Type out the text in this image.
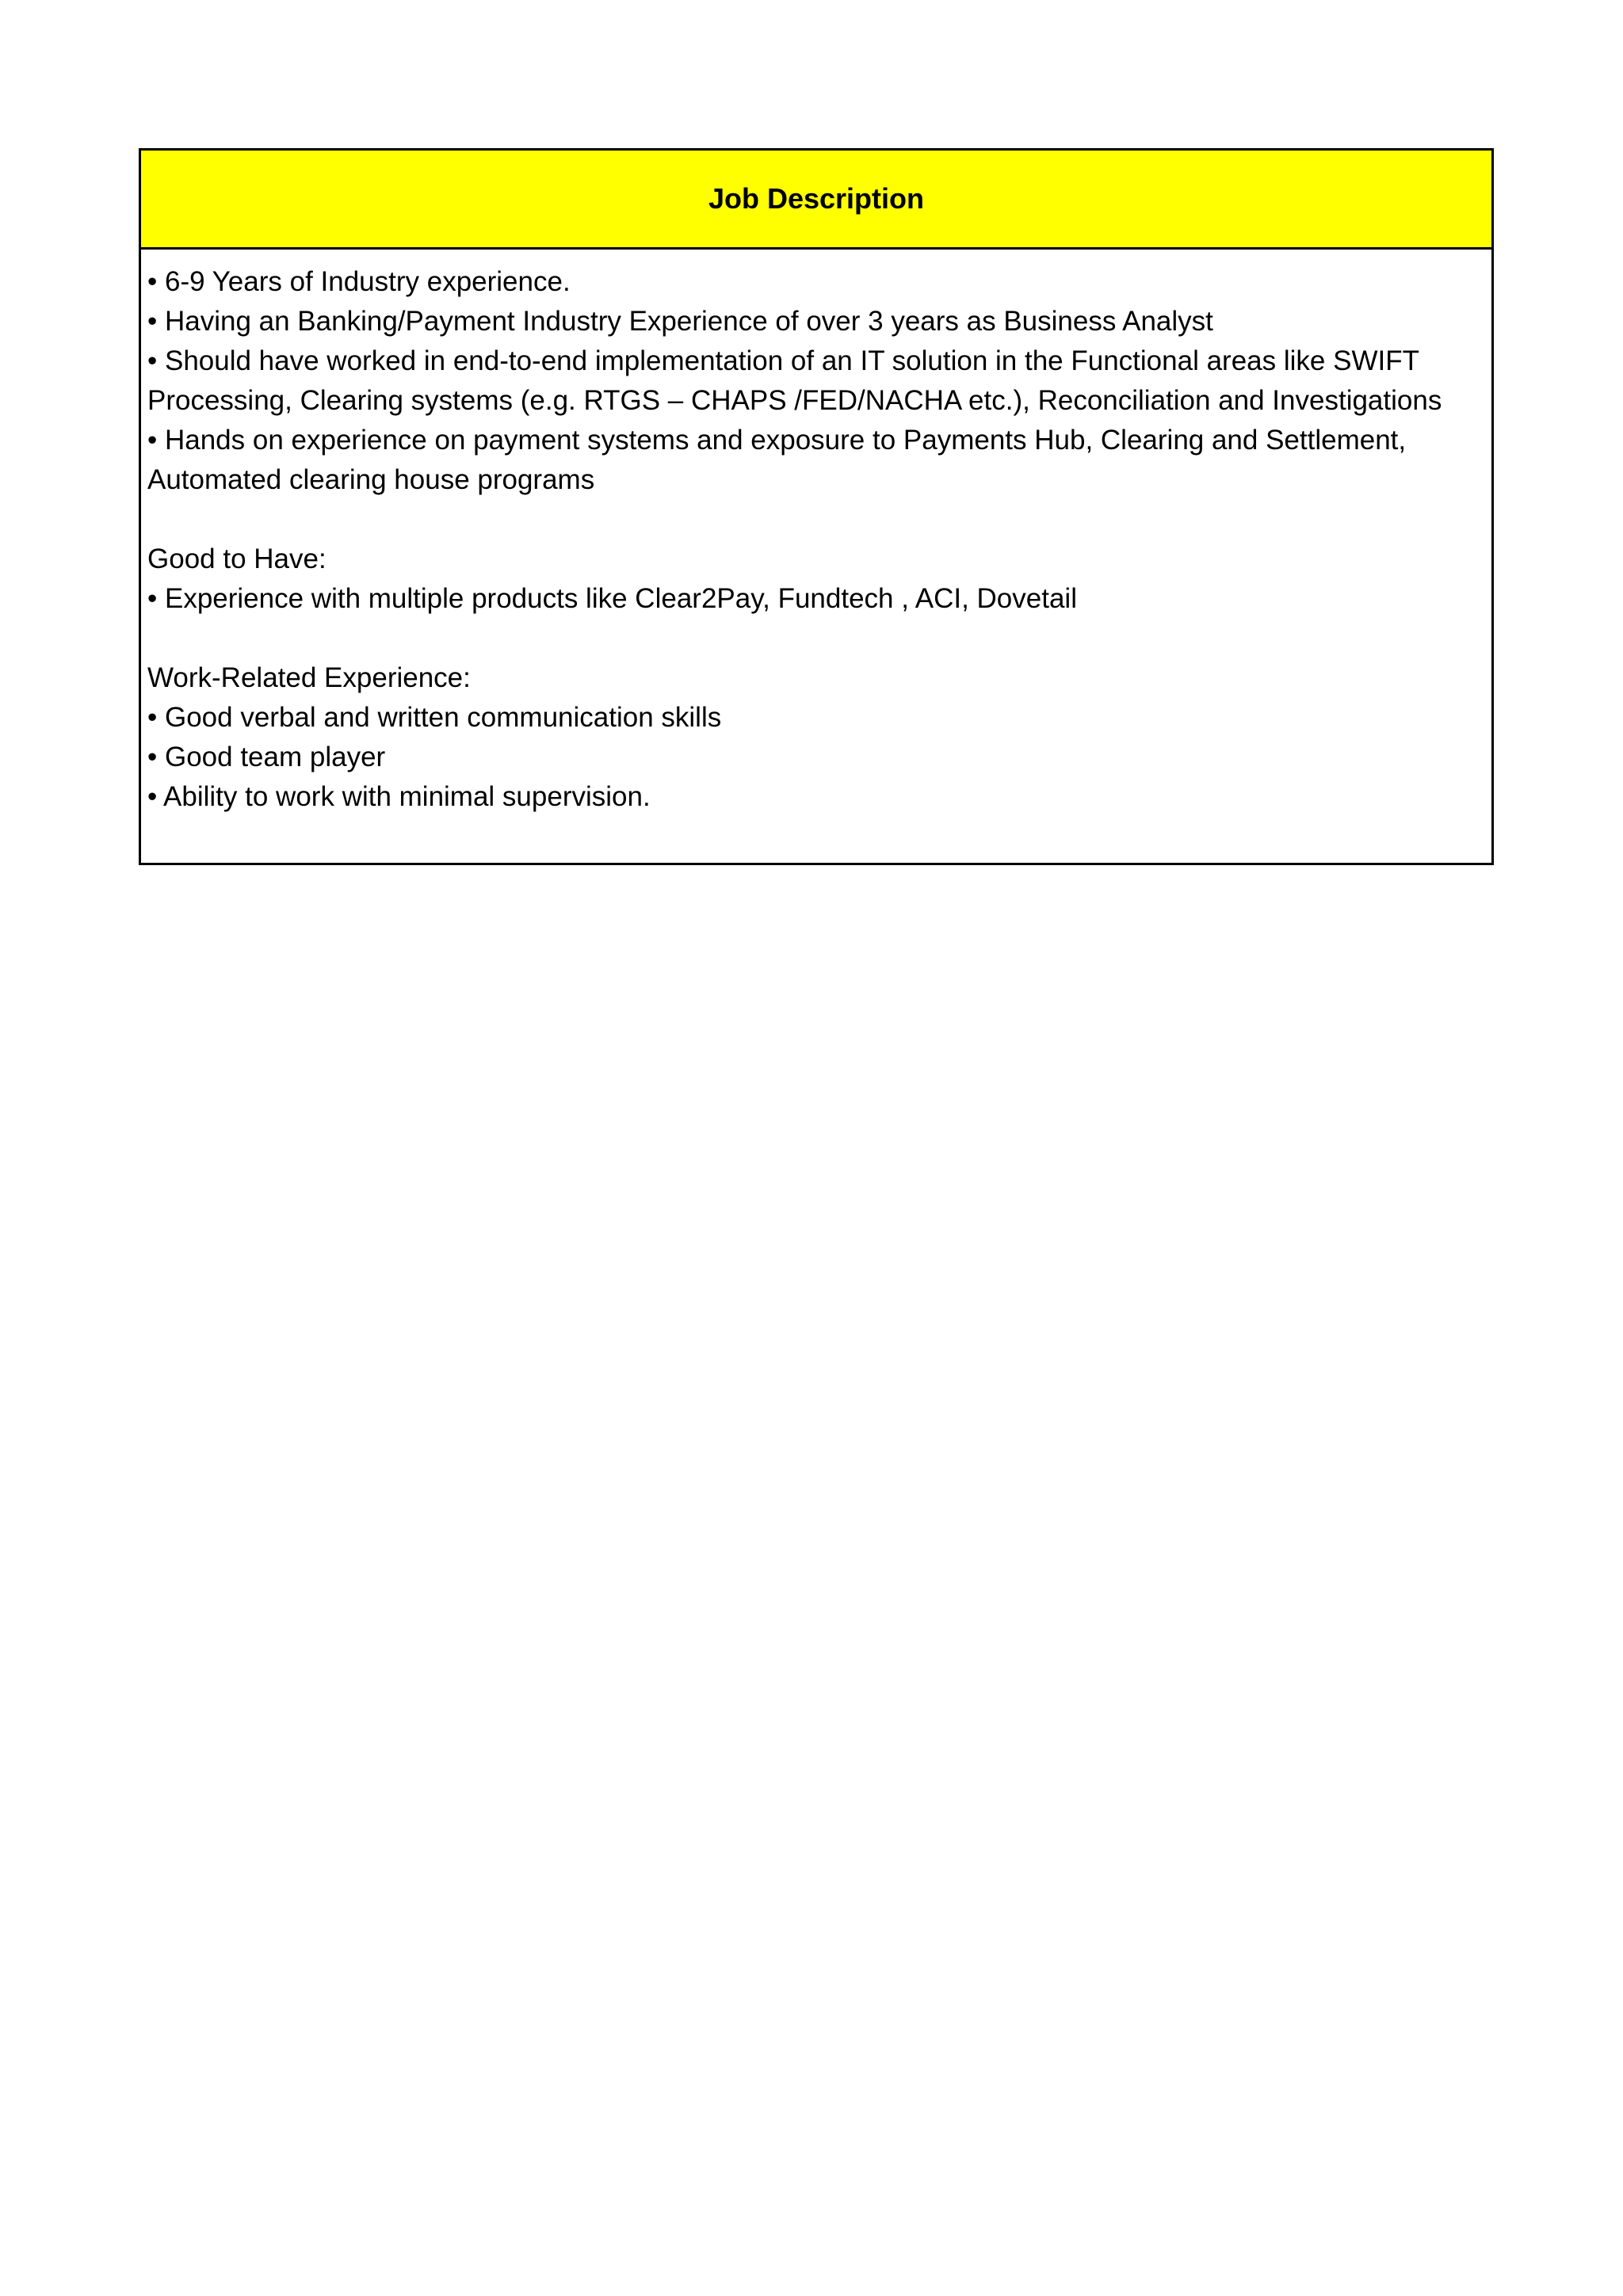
Job Description
• 6-9 Years of Industry experience.
• Having an Banking/Payment Industry Experience of over 3 years as Business Analyst
• Should have worked in end-to-end implementation of an IT solution in the Functional areas like SWIFT
Processing, Clearing systems (e.g. RTGS – CHAPS /FED/NACHA etc.), Reconciliation and Investigations
• Hands on experience on payment systems and exposure to Payments Hub, Clearing and Settlement,
Automated clearing house programs
Good to Have:
• Experience with multiple products like Clear2Pay, Fundtech , ACI, Dovetail
Work-Related Experience:
• Good verbal and written communication skills
• Good team player
• Ability to work with minimal supervision.
